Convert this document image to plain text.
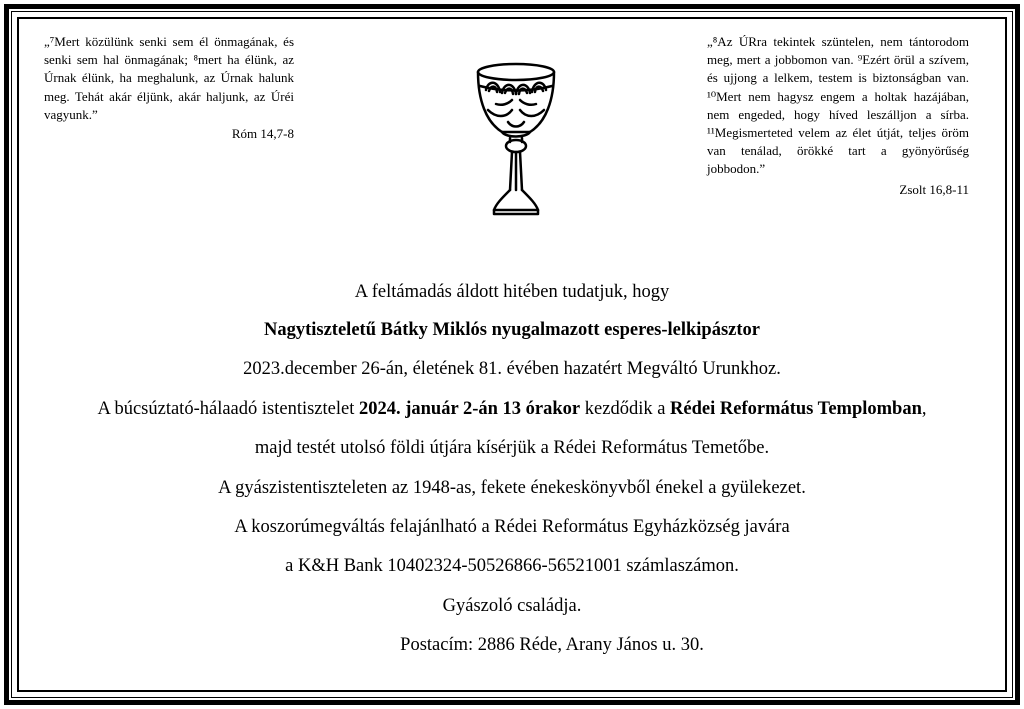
„⁷Mert közülünk senki sem él önmagának, és senki sem hal önmagának; ⁸mert ha élünk, az Úrnak élünk, ha meghalunk, az Úrnak halunk meg. Tehát akár éljünk, akár haljunk, az Úréi vagyunk.”
Róm 14,7-8
„⁸Az ÚRra tekintek szüntelen, nem tántorodom meg, mert a jobbomon van. ⁹Ezért örül a szívem, és ujjong a lelkem, testem is biztonságban van. ¹⁰Mert nem hagysz engem a holtak hazájában, nem engeded, hogy híved leszálljon a sírba. ¹¹Megismerteted velem az élet útját, teljes öröm van tenálad, örökké tart a gyönyörűség jobbodon.”
Zsolt 16,8-11
A feltámadás áldott hitében tudatjuk, hogy
Nagytiszteletű Bátky Miklós nyugalmazott esperes-lelkipásztor
2023.december 26-án, életének 81. évében hazatért Megváltó Urunkhoz.
A búcsúztató-hálaadó istentisztelet 2024. január 2-án 13 órakor kezdődik a Rédei Református Templomban,
majd testét utolsó földi útjára kísérjük a Rédei Református Temetőbe.
A gyászistentiszteleten az 1948-as, fekete énekeskönyvből énekel a gyülekezet.
A koszorúmegváltás felajánlható a Rédei Református Egyházközség javára
a K&H Bank 10402324-50526866-56521001 számlaszámon.
Gyászoló családja.
Postacím: 2886 Réde, Arany János u. 30.
